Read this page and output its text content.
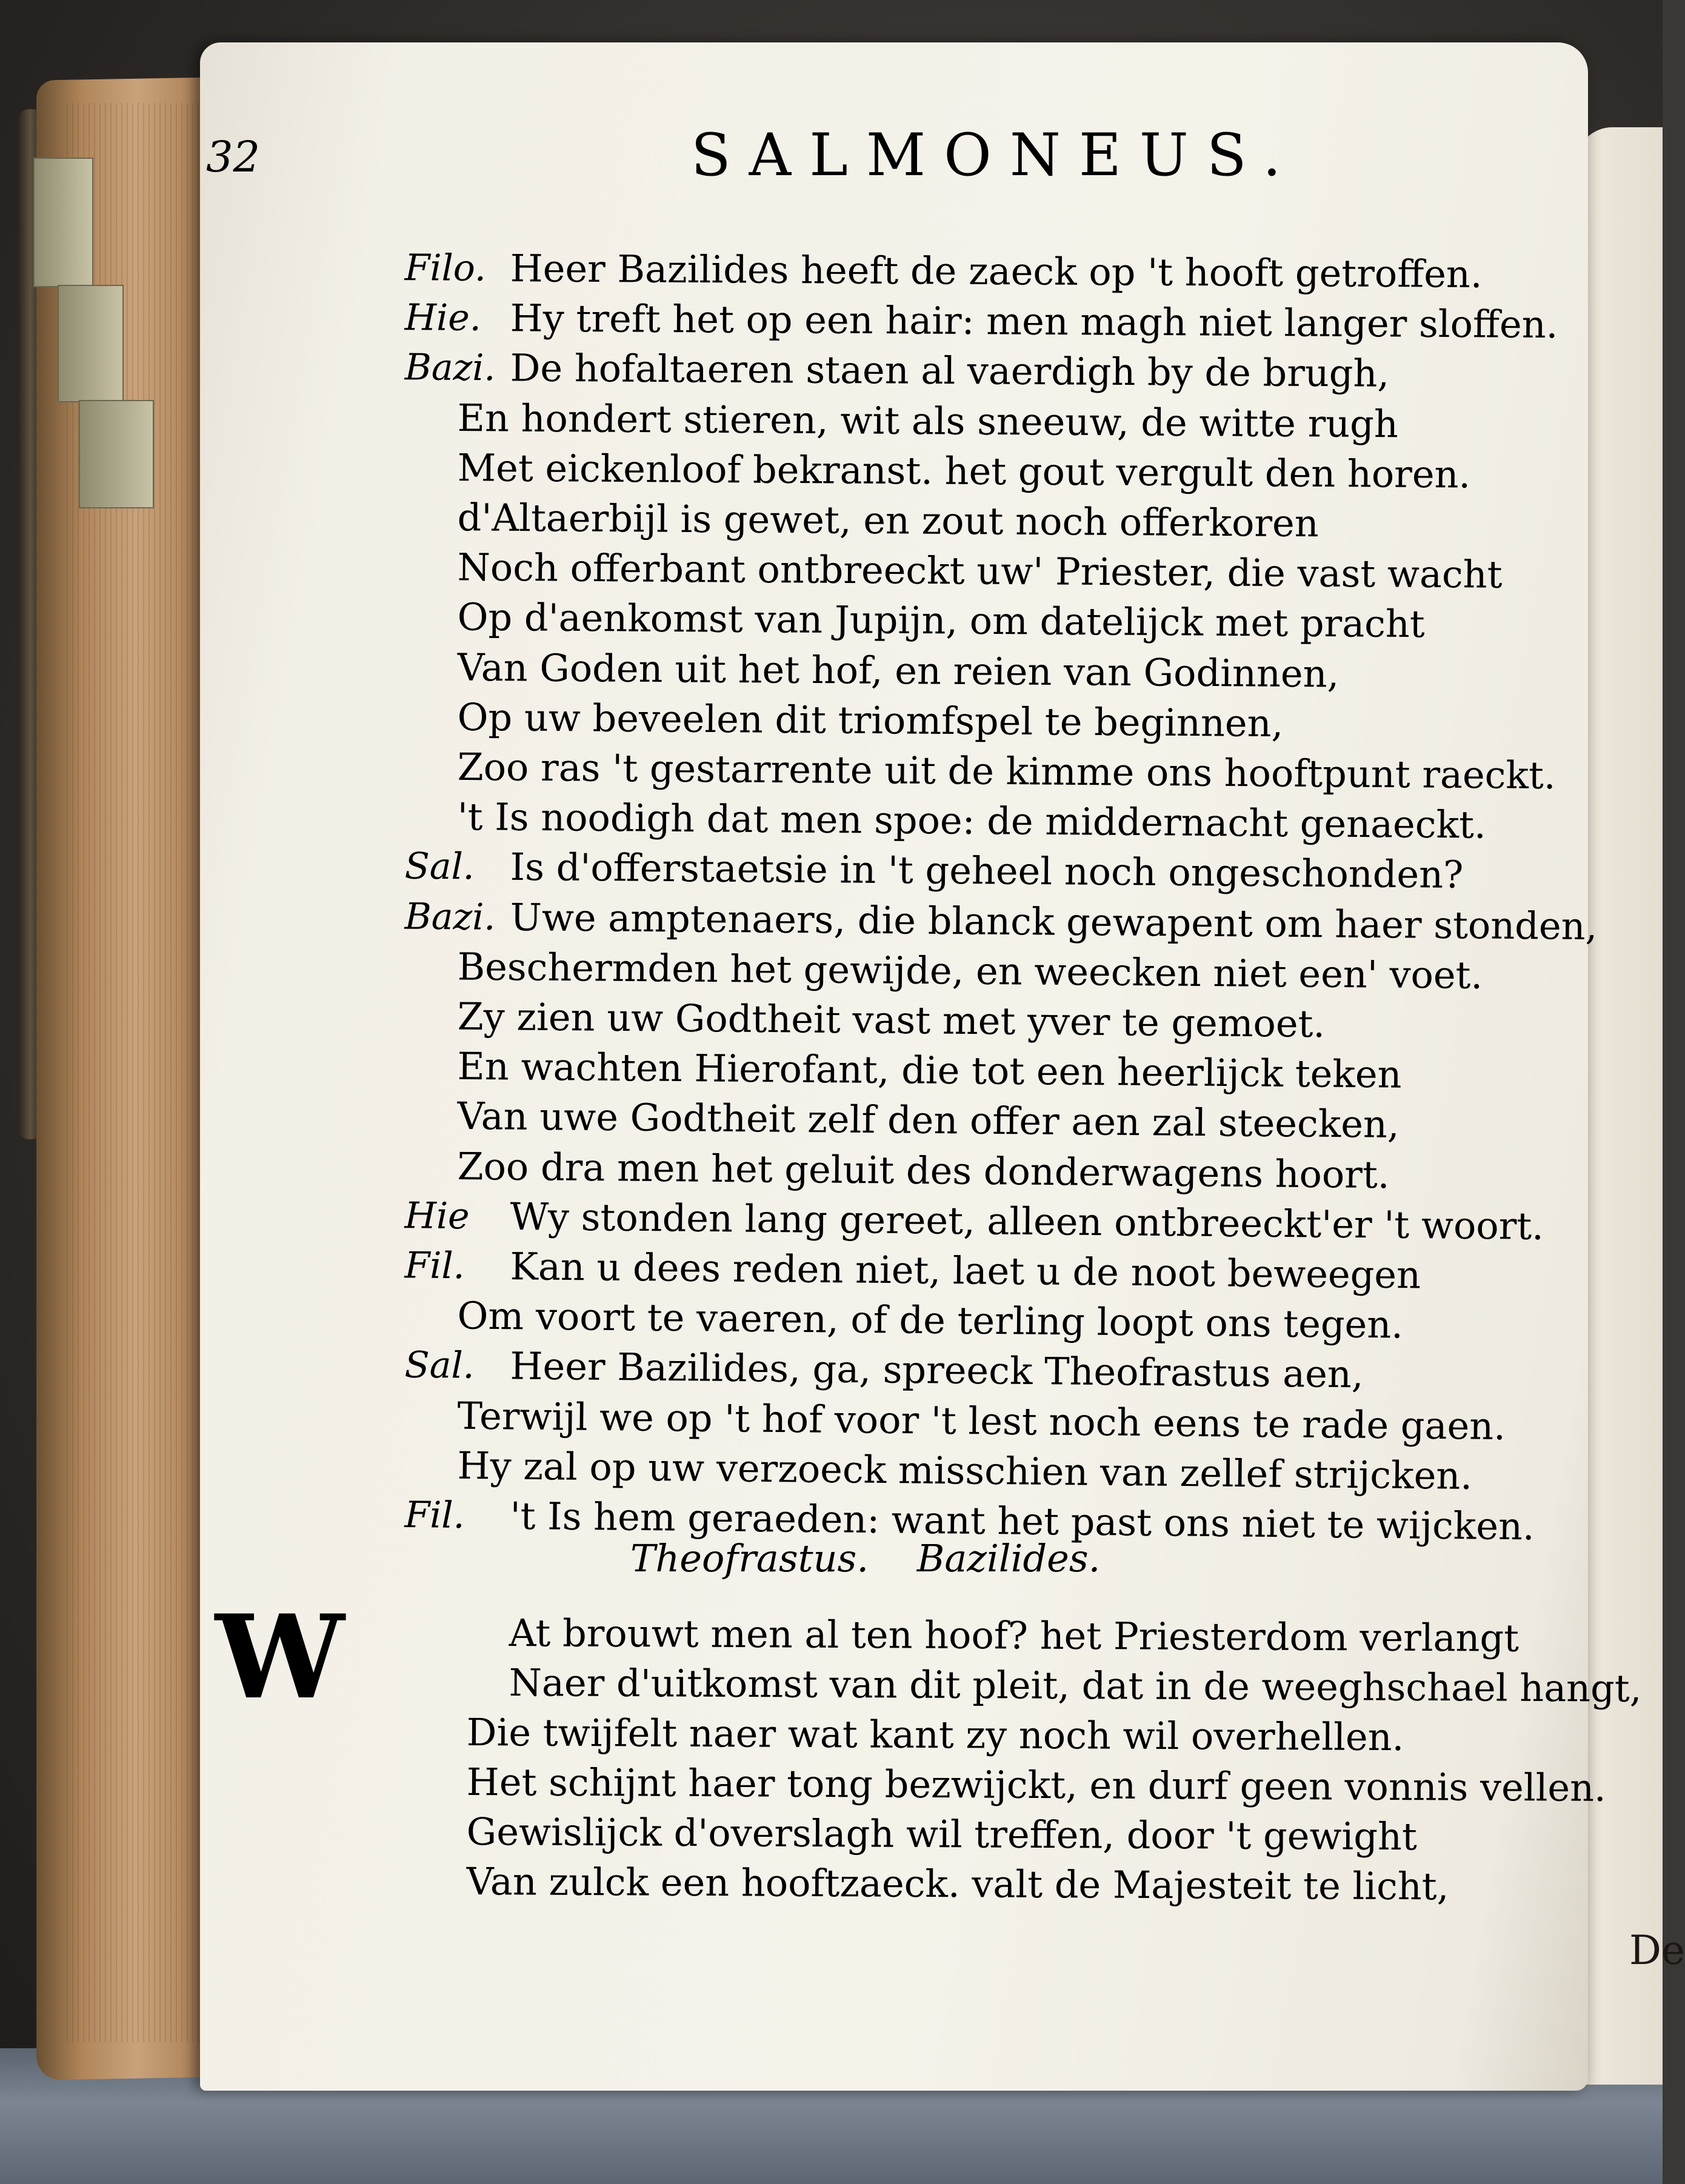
De
32	SALMONEUS.
Filo. Heer Bazilides heeft de zaeck op 't hooft getroffen.
Hie. Hy treft het op een hair: men magh niet langer sloffen.
Bazi. De hofaltaeren staen al vaerdigh by de brugh,
En hondert stieren, wit als sneeuw, de witte rugh
Met eickenloof bekranst. het gout vergult den horen.
d'Altaerbijl is gewet, en zout noch offerkoren
Noch offerbant ontbreeckt uw' Priester, die vast wacht
Op d'aenkomst van Jupijn, om datelijck met pracht
Van Goden uit het hof, en reien van Godinnen,
Op uw beveelen dit triomfspel te beginnen,
Zoo ras 't gestarrente uit de kimme ons hooftpunt raeckt.
't Is noodigh dat men spoe: de middernacht genaeckt.
Sal. Is d'offerstaetsie in 't geheel noch ongeschonden?
Bazi. Uwe amptenaers, die blanck gewapent om haer stonden,
Beschermden het gewijde, en weecken niet een' voet.
Zy zien uw Godtheit vast met yver te gemoet.
En wachten Hierofant, die tot een heerlijck teken
Van uwe Godtheit zelf den offer aen zal steecken,
Zoo dra men het geluit des donderwagens hoort.
Hie Wy stonden lang gereet, alleen ontbreeckt'er 't woort.
Fil. Kan u dees reden niet, laet u de noot beweegen
Om voort te vaeren, of de terling loopt ons tegen.
Sal. Heer Bazilides, ga, spreeck Theofrastus aen,
Terwijl we op 't hof voor 't lest noch eens te rade gaen.
Hy zal op uw verzoeck misschien van zellef strijcken.
Fil. 't Is hem geraeden: want het past ons niet te wijcken.
Theofrastus. Bazilides.
W	At brouwt men al ten hoof? het Priesterdom verlangt
Naer d'uitkomst van dit pleit, dat in de weeghschael hangt,
Die twijfelt naer wat kant zy noch wil overhellen.
Het schijnt haer tong bezwijckt, en durf geen vonnis vellen.
Gewislijck d'overslagh wil treffen, door 't gewight
Van zulck een hooftzaeck. valt de Majesteit te licht,
